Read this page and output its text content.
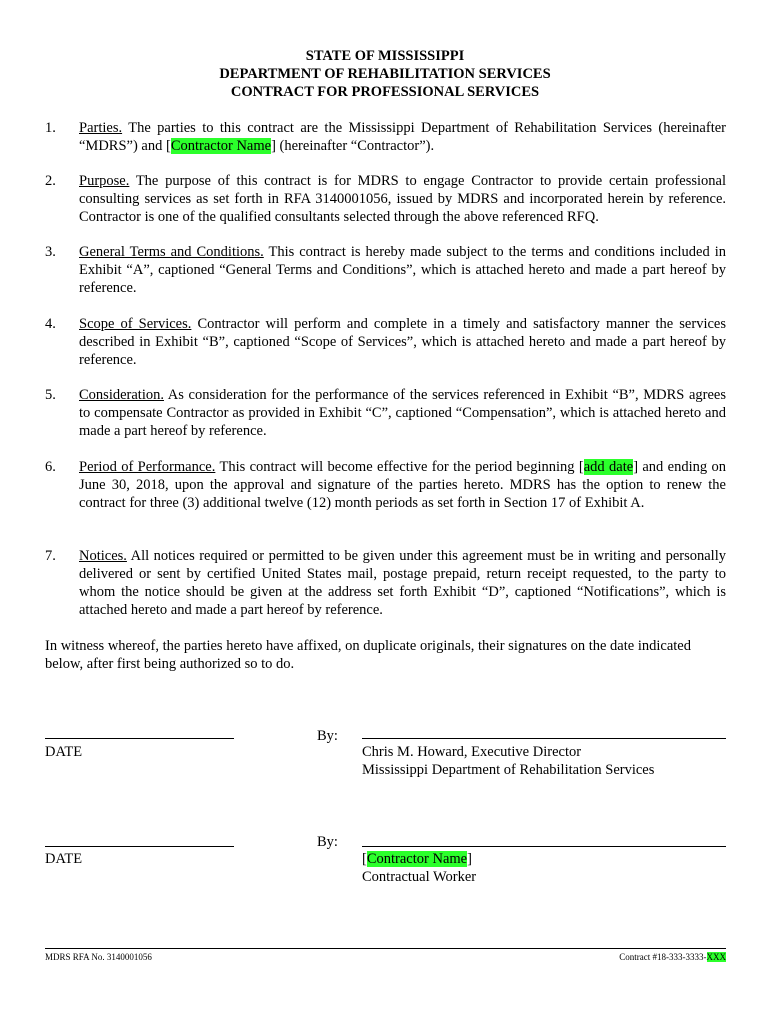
STATE OF MISSISSIPPI
DEPARTMENT OF REHABILITATION SERVICES
CONTRACT FOR PROFESSIONAL SERVICES
1. Parties. The parties to this contract are the Mississippi Department of Rehabilitation Services (hereinafter “MDRS”) and [Contractor Name] (hereinafter “Contractor”).
2. Purpose. The purpose of this contract is for MDRS to engage Contractor to provide certain professional consulting services as set forth in RFA 3140001056, issued by MDRS and incorporated herein by reference. Contractor is one of the qualified consultants selected through the above referenced RFQ.
3. General Terms and Conditions. This contract is hereby made subject to the terms and conditions included in Exhibit “A”, captioned “General Terms and Conditions”, which is attached hereto and made a part hereof by reference.
4. Scope of Services. Contractor will perform and complete in a timely and satisfactory manner the services described in Exhibit “B”, captioned “Scope of Services”, which is attached hereto and made a part hereof by reference.
5. Consideration. As consideration for the performance of the services referenced in Exhibit “B”, MDRS agrees to compensate Contractor as provided in Exhibit “C”, captioned “Compensation”, which is attached hereto and made a part hereof by reference.
6. Period of Performance. This contract will become effective for the period beginning [add date] and ending on June 30, 2018, upon the approval and signature of the parties hereto. MDRS has the option to renew the contract for three (3) additional twelve (12) month periods as set forth in Section 17 of Exhibit A.
7. Notices. All notices required or permitted to be given under this agreement must be in writing and personally delivered or sent by certified United States mail, postage prepaid, return receipt requested, to the party to whom the notice should be given at the address set forth Exhibit “D”, captioned “Notifications”, which is attached hereto and made a part hereof by reference.
In witness whereof, the parties hereto have affixed, on duplicate originals, their signatures on the date indicated below, after first being authorized so to do.
DATE
By:
Chris M. Howard, Executive Director
Mississippi Department of Rehabilitation Services
DATE
By:
[Contractor Name]
Contractual Worker
MDRS RFA No. 3140001056	Contract #18-333-3333-XXX
